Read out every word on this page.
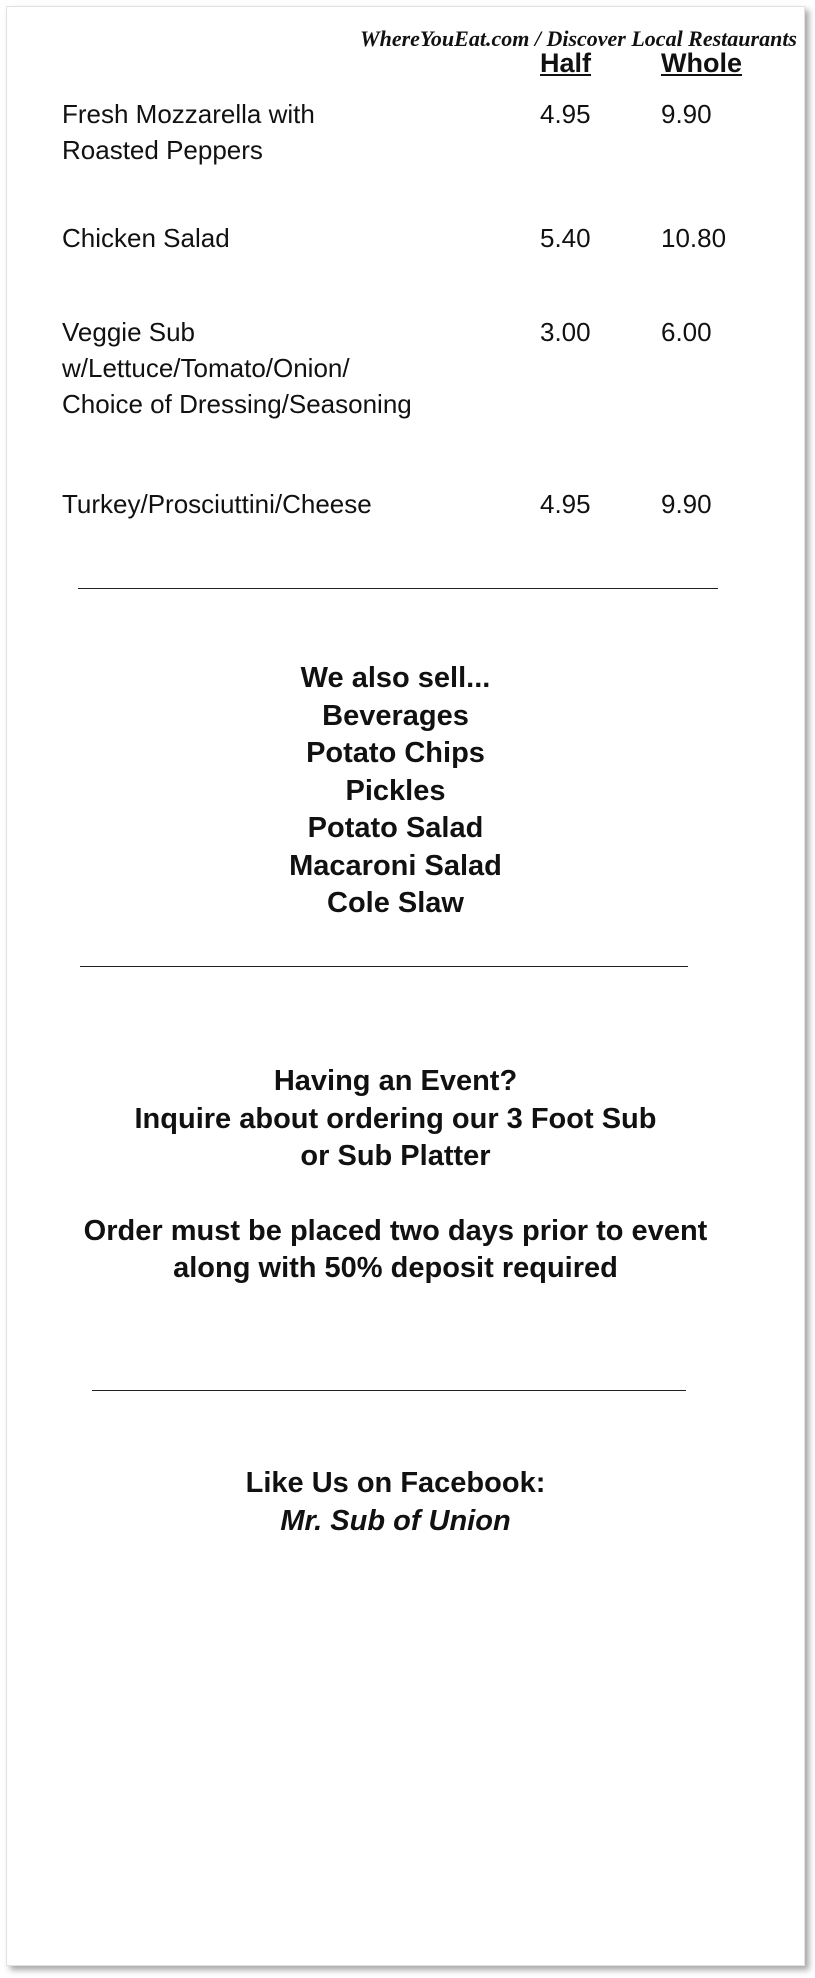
WhereYouEat.com / Discover Local Restaurants
Half	Whole
Fresh Mozzarella with
Roasted Peppers
4.95	9.90
Chicken Salad	5.40	10.80
Veggie Sub
w/Lettuce/Tomato/Onion/
Choice of Dressing/Seasoning
3.00	6.00
Turkey/Prosciuttini/Cheese	4.95	9.90
We also sell...
Beverages
Potato Chips
Pickles
Potato Salad
Macaroni Salad
Cole Slaw
Having an Event?
Inquire about ordering our 3 Foot Sub
or Sub Platter
Order must be placed two days prior to event
along with 50% deposit required
Like Us on Facebook:
Mr. Sub of Union
